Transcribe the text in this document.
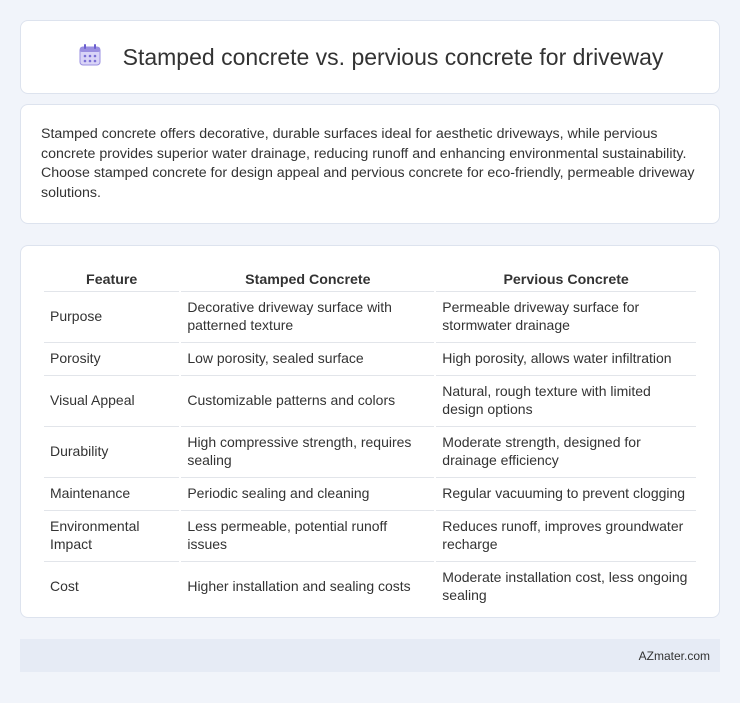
Stamped concrete vs. pervious concrete for driveway

Stamped concrete offers decorative, durable surfaces ideal for aesthetic driveways, while pervious concrete provides superior water drainage, reducing runoff and enhancing environmental sustainability. Choose stamped concrete for design appeal and pervious concrete for eco-friendly, permeable driveway solutions.

Feature	Stamped Concrete	Pervious Concrete
Purpose	Decorative driveway surface with patterned texture	Permeable driveway surface for stormwater drainage
Porosity	Low porosity, sealed surface	High porosity, allows water infiltration
Visual Appeal	Customizable patterns and colors	Natural, rough texture with limited design options
Durability	High compressive strength, requires sealing	Moderate strength, designed for drainage efficiency
Maintenance	Periodic sealing and cleaning	Regular vacuuming to prevent clogging
Environmental Impact	Less permeable, potential runoff issues	Reduces runoff, improves groundwater recharge
Cost	Higher installation and sealing costs	Moderate installation cost, less ongoing sealing
AZmater.com
